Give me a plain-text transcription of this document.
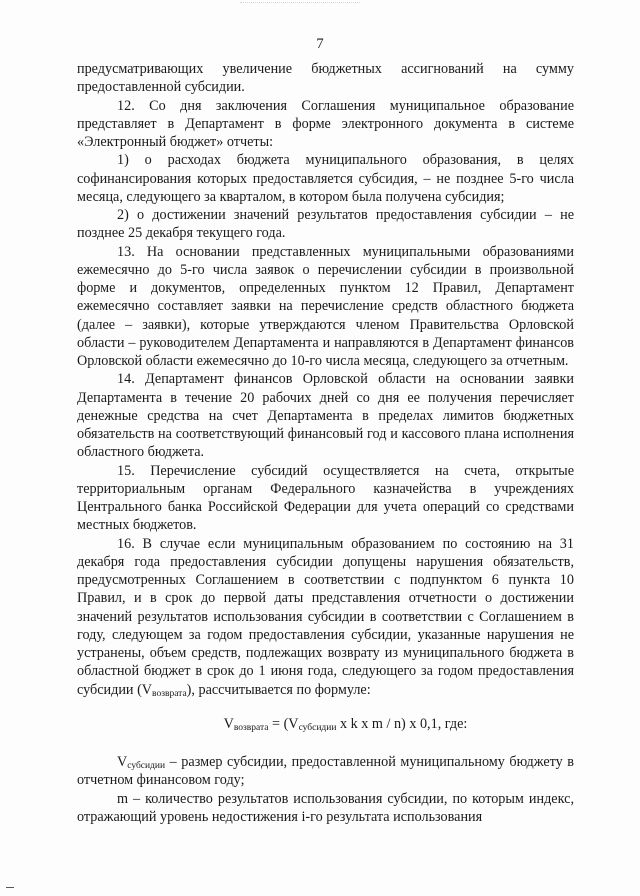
7

предусматривающих увеличение бюджетных ассигнований на сумму предоставленной субсидии.

12. Со дня заключения Соглашения муниципальное образование представляет в Департамент в форме электронного документа в системе «Электронный бюджет» отчеты:

1) о расходах бюджета муниципального образования, в целях софинансирования которых предоставляется субсидия, – не позднее 5-го числа месяца, следующего за кварталом, в котором была получена субсидия;

2) о достижении значений результатов предоставления субсидии – не позднее 25 декабря текущего года.

13. На основании представленных муниципальными образованиями ежемесячно до 5-го числа заявок о перечислении субсидии в произвольной форме и документов, определенных пунктом 12 Правил, Департамент ежемесячно составляет заявки на перечисление средств областного бюджета (далее – заявки), которые утверждаются членом Правительства Орловской области – руководителем Департамента и направляются в Департамент финансов Орловской области ежемесячно до 10-го числа месяца, следующего за отчетным.

14. Департамент финансов Орловской области на основании заявки Департамента в течение 20 рабочих дней со дня ее получения перечисляет денежные средства на счет Департамента в пределах лимитов бюджетных обязательств на соответствующий финансовый год и кассового плана исполнения областного бюджета.

15. Перечисление субсидий осуществляется на счета, открытые территориальным органам Федерального казначейства в учреждениях Центрального банка Российской Федерации для учета операций со средствами местных бюджетов.

16. В случае если муниципальным образованием по состоянию на 31 декабря года предоставления субсидии допущены нарушения обязательств, предусмотренных Соглашением в соответствии с подпунктом 6 пункта 10 Правил, и в срок до первой даты представления отчетности о достижении значений результатов использования субсидии в соответствии с Соглашением в году, следующем за годом предоставления субсидии, указанные нарушения не устранены, объем средств, подлежащих возврату из муниципального бюджета в областной бюджет в срок до 1 июня года, следующего за годом предоставления субсидии $(V_{возврата})$, рассчитывается по формуле:

$V_{возврата} = (V_{субсидии}$ x k x m / n) x 0,1, где:

$V_{субсидии}$ – размер субсидии, предоставленной муниципальному бюджету в отчетном финансовом году;

m – количество результатов использования субсидии, по которым индекс, отражающий уровень недостижения i-го результата использования
